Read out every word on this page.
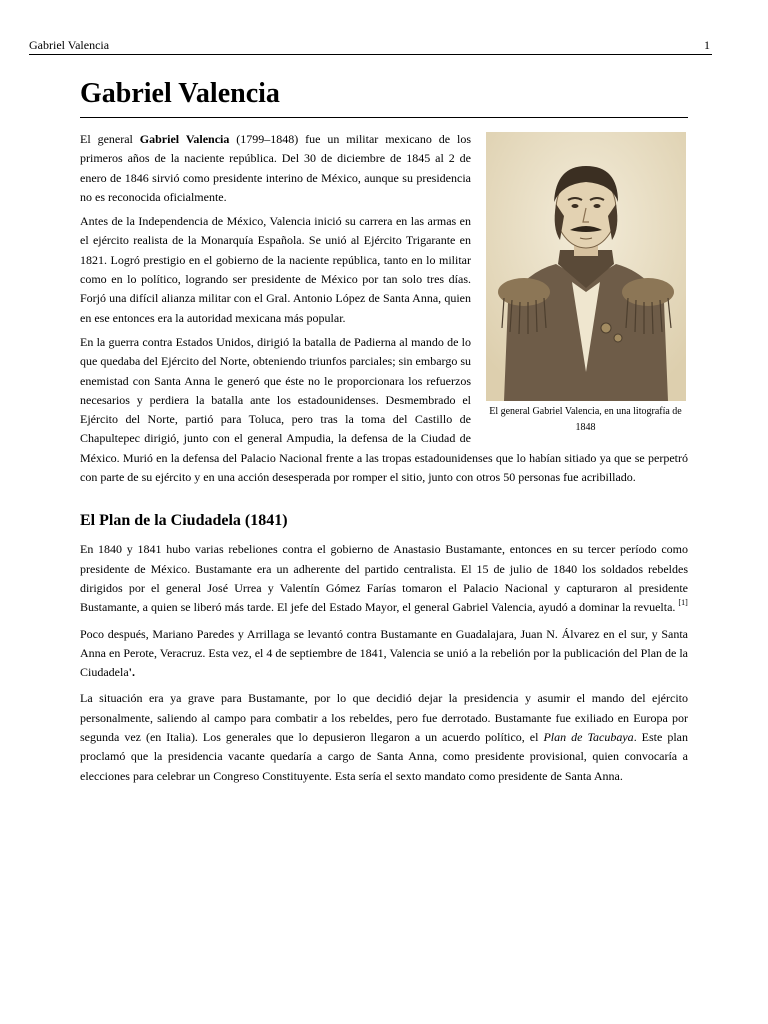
Gabriel Valencia	1
Gabriel Valencia
El general Gabriel Valencia, en una litografía de 1848

El general Gabriel Valencia (1799–1848) fue un militar mexicano de los primeros años de la naciente república. Del 30 de diciembre de 1845 al 2 de enero de 1846 sirvió como presidente interino de México, aunque su presidencia no es reconocida oficialmente.

Antes de la Independencia de México, Valencia inició su carrera en las armas en el ejército realista de la Monarquía Española. Se unió al Ejército Trigarante en 1821. Logró prestigio en el gobierno de la naciente república, tanto en lo militar como en lo político, logrando ser presidente de México por tan solo tres días. Forjó una difícil alianza militar con el Gral. Antonio López de Santa Anna, quien en ese entonces era la autoridad mexicana más popular.

En la guerra contra Estados Unidos, dirigió la batalla de Padierna al mando de lo que quedaba del Ejército del Norte, obteniendo triunfos parciales; sin embargo su enemistad con Santa Anna le generó que éste no le proporcionara los refuerzos necesarios y perdiera la batalla ante los estadounidenses. Desmembrado el Ejército del Norte, partió para Toluca, pero tras la toma del Castillo de Chapultepec dirigió, junto con el general Ampudia, la defensa de la Ciudad de México. Murió en la defensa del Palacio Nacional frente a las tropas estadounidenses que lo habían sitiado ya que se perpetró con parte de su ejército y en una acción desesperada por romper el sitio, junto con otros 50 personas fue acribillado.

El Plan de la Ciudadela (1841)

En 1840 y 1841 hubo varias rebeliones contra el gobierno de Anastasio Bustamante, entonces en su tercer período como presidente de México. Bustamante era un adherente del partido centralista. El 15 de julio de 1840 los soldados rebeldes dirigidos por el general José Urrea y Valentín Gómez Farías tomaron el Palacio Nacional y capturaron al presidente Bustamante, a quien se liberó más tarde. El jefe del Estado Mayor, el general Gabriel Valencia, ayudó a dominar la revuelta. [1]

Poco después, Mariano Paredes y Arrillaga se levantó contra Bustamante en Guadalajara, Juan N. Álvarez en el sur, y Santa Anna en Perote, Veracruz. Esta vez, el 4 de septiembre de 1841, Valencia se unió a la rebelión por la publicación del Plan de la Ciudadela'.

La situación era ya grave para Bustamante, por lo que decidió dejar la presidencia y asumir el mando del ejército personalmente, saliendo al campo para combatir a los rebeldes, pero fue derrotado. Bustamante fue exiliado en Europa por segunda vez (en Italia). Los generales que lo depusieron llegaron a un acuerdo político, el Plan de Tacubaya. Este plan proclamó que la presidencia vacante quedaría a cargo de Santa Anna, como presidente provisional, quien convocaría a elecciones para celebrar un Congreso Constituyente. Esta sería el sexto mandato como presidente de Santa Anna.
